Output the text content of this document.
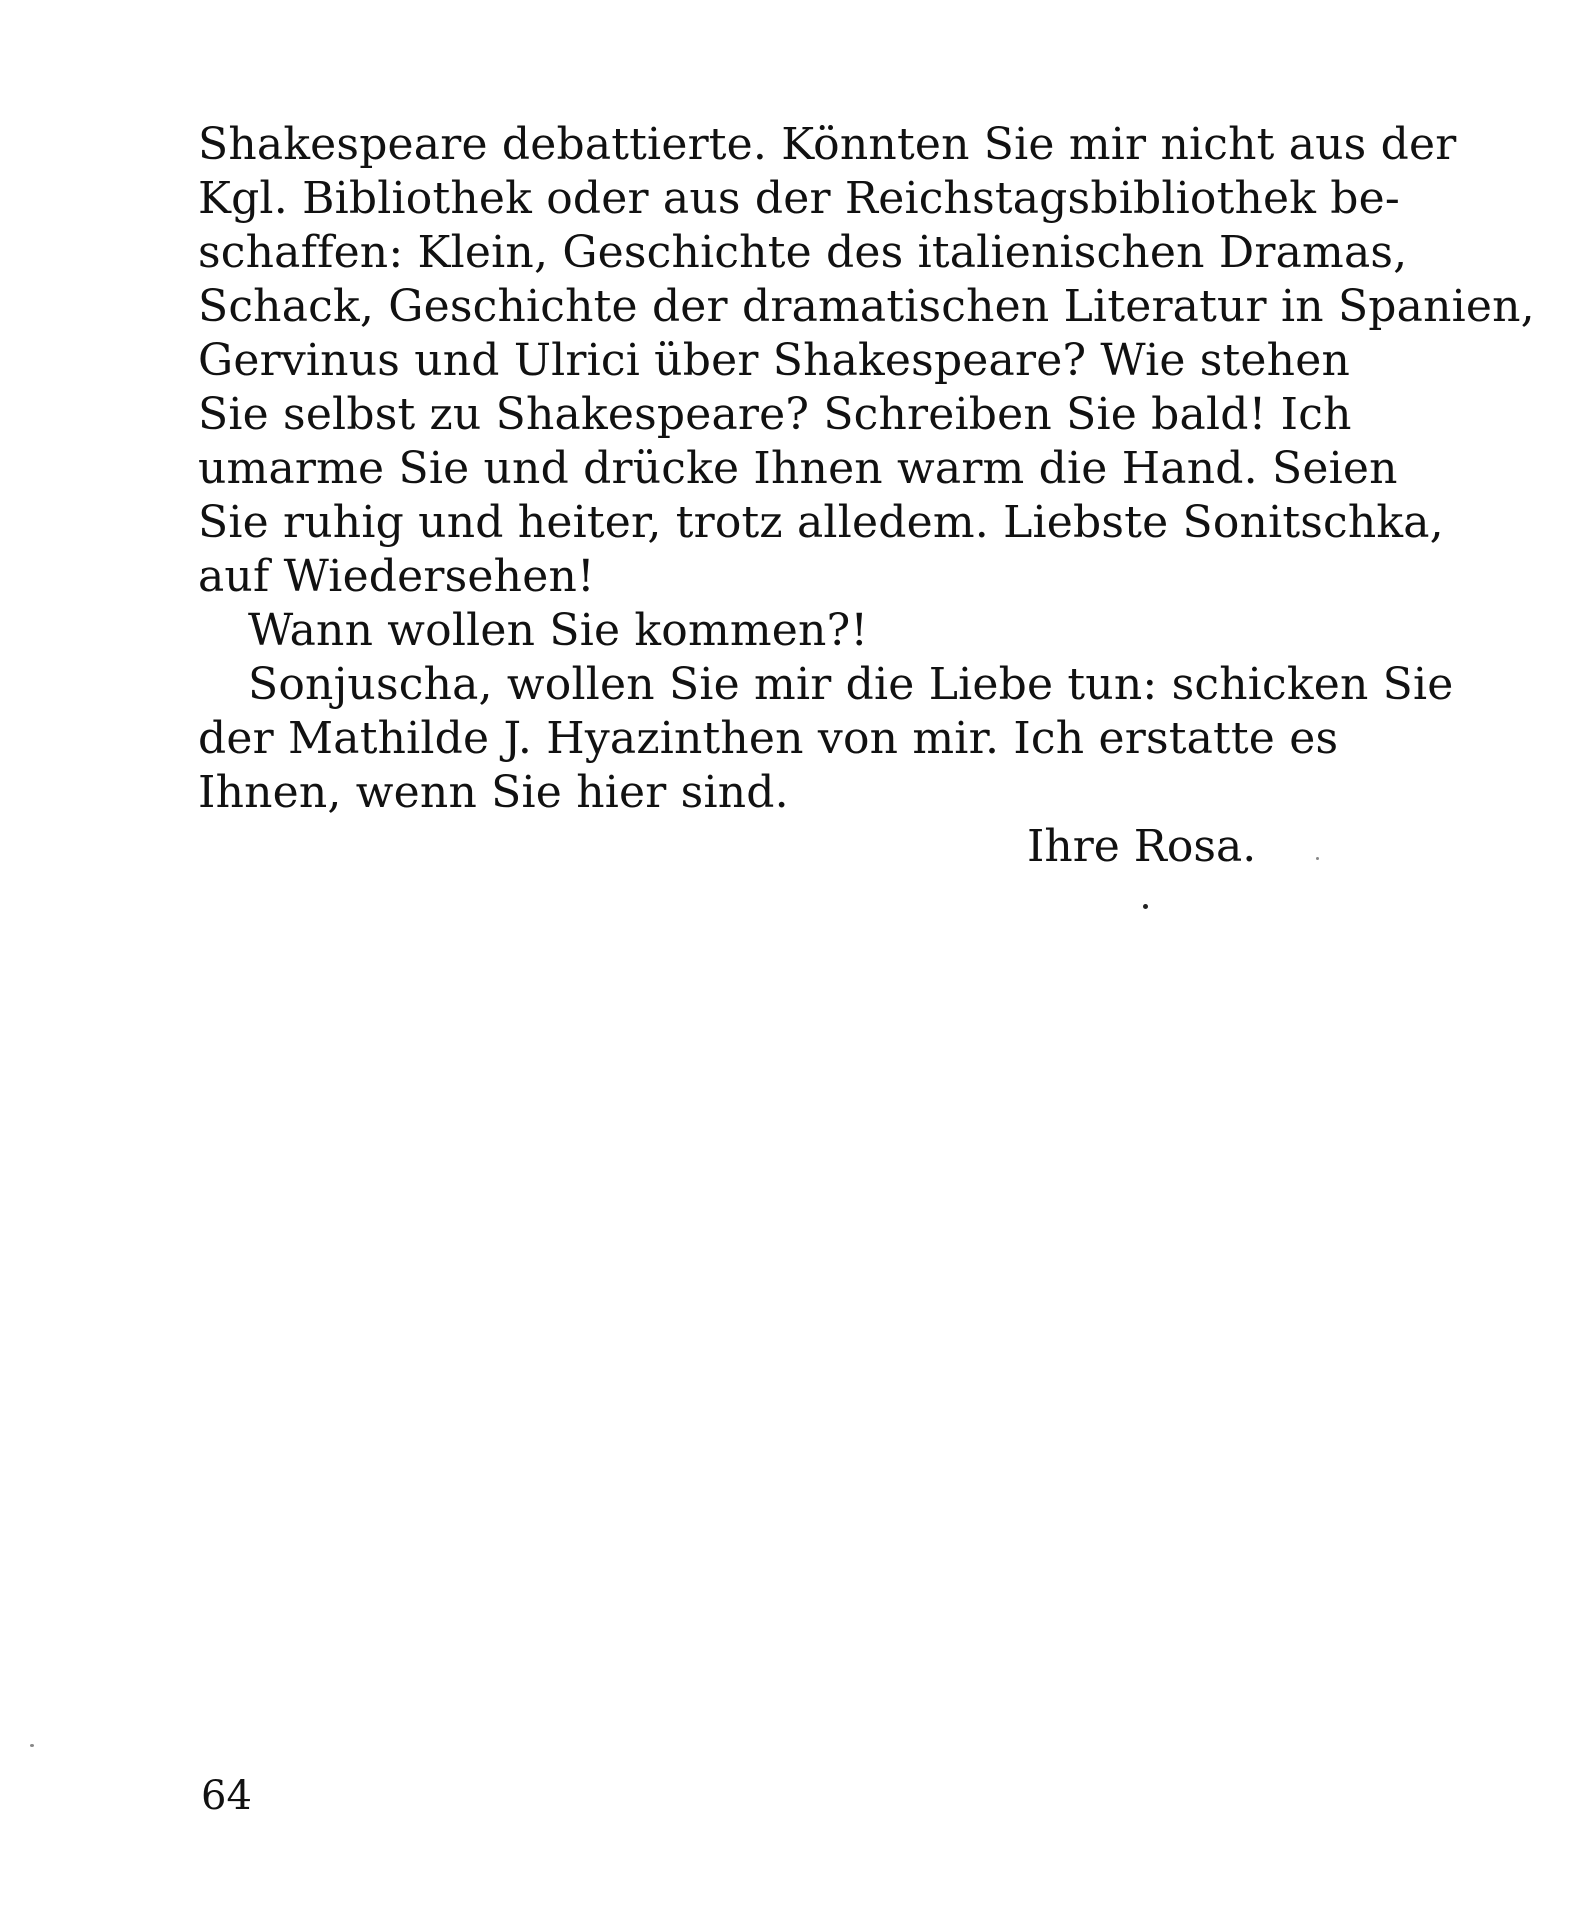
Shakespeare debattierte. Könnten Sie mir nicht aus der
Kgl. Bibliothek oder aus der Reichstagsbibliothek be-
schaffen: Klein, Geschichte des italienischen Dramas,
Schack, Geschichte der dramatischen Literatur in Spanien,
Gervinus und Ulrici über Shakespeare? Wie stehen
Sie selbst zu Shakespeare? Schreiben Sie bald! Ich
umarme Sie und drücke Ihnen warm die Hand. Seien
Sie ruhig und heiter, trotz alledem. Liebste Sonitschka,
auf Wiedersehen!
Wann wollen Sie kommen?!
Sonjuscha, wollen Sie mir die Liebe tun: schicken Sie
der Mathilde J. Hyazinthen von mir. Ich erstatte es
Ihnen, wenn Sie hier sind.
Ihre Rosa.
64
